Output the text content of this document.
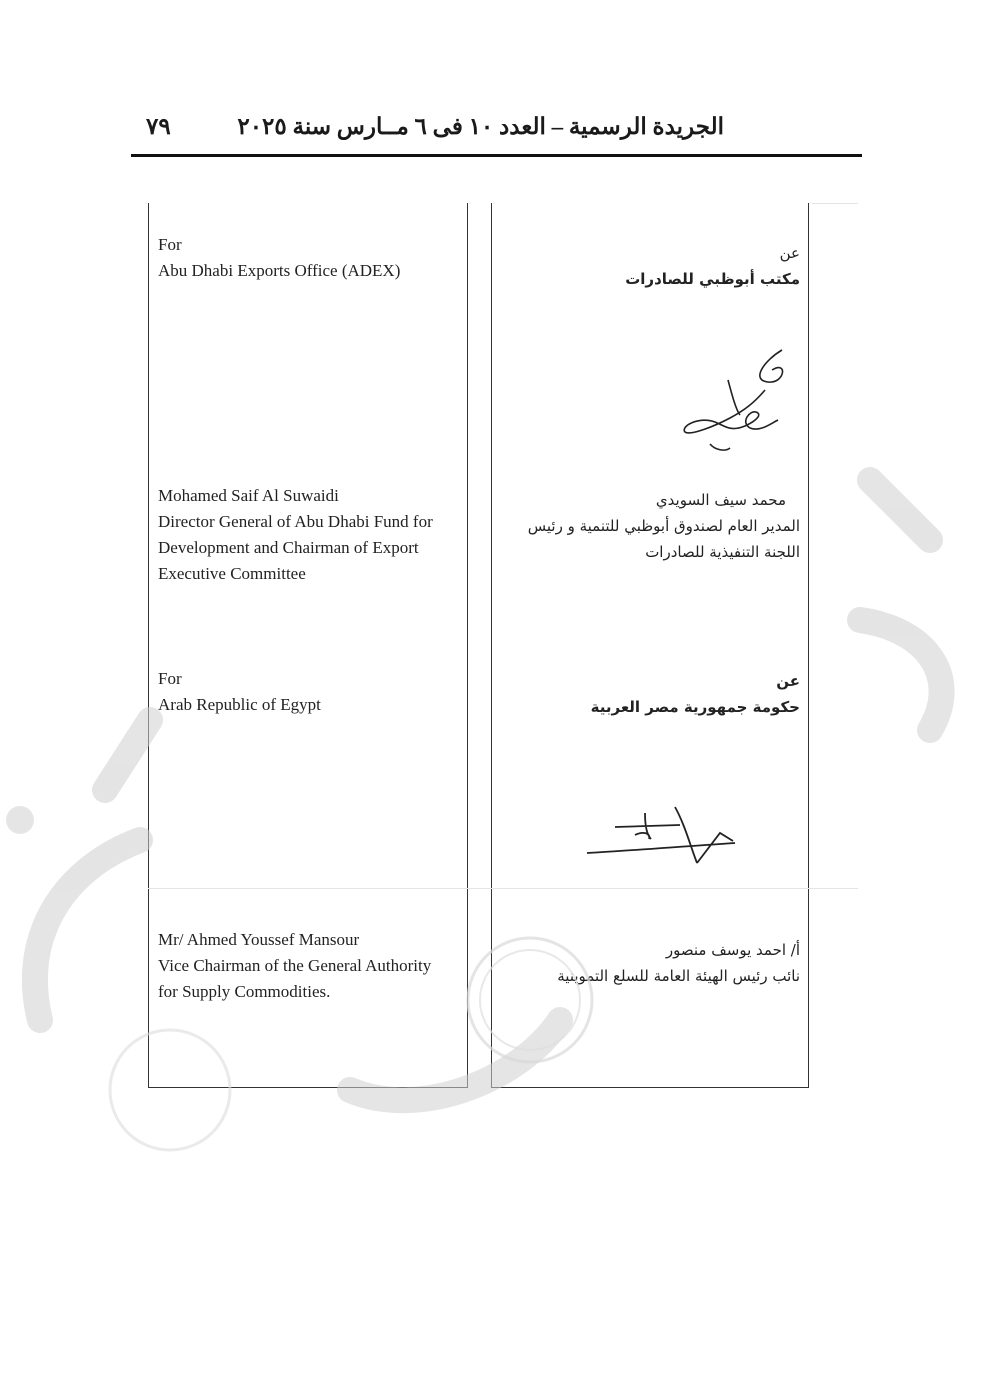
الجريدة الرسمية – العدد ١٠ فى ٦ مــارس سنة ٢٠٢٥
٧٩
For
Abu Dhabi Exports Office (ADEX)
Mohamed Saif Al Suwaidi
Director General of Abu Dhabi Fund for
Development and Chairman of Export
Executive Committee
For
Arab Republic of Egypt
Mr/ Ahmed Youssef Mansour
Vice Chairman of the General Authority
for Supply Commodities.
عن
مكتب أبوظبي للصادرات
محمد سيف السويدي
المدير العام لصندوق أبوظبي للتنمية و رئيس
اللجنة التنفيذية للصادرات
عن
حكومة جمهورية مصر العربية
أ/ احمد يوسف منصور
نائب رئيس الهيئة العامة للسلع التموينية
